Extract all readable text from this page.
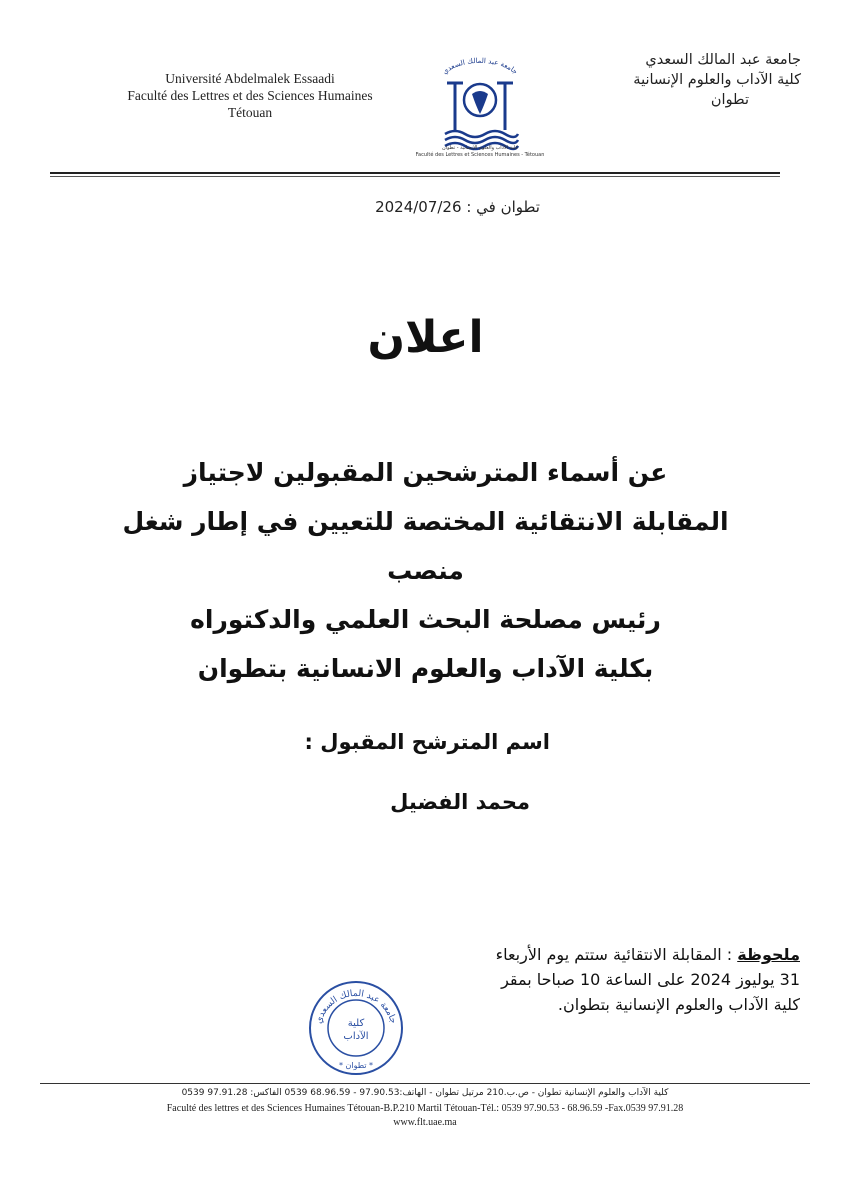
Université Abdelmalek Essaadi
Faculté des Lettres et des Sciences Humaines
Tétouan
جامعة عبد المالك السعدي
كلية الآداب والعلوم الإنسانية - تطوان
Faculté des Lettres et Sciences Humaines - Tétouan
جامعة عبد المالك السعدي
كلية الآداب والعلوم الإنسانية
تطوان
تطوان في : 2024/07/26
اعلان
عن أسماء المترشحين المقبولين لاجتياز
المقابلة الانتقائية المختصة للتعيين في إطار شغل منصب
رئيس مصلحة البحث العلمي والدكتوراه
بكلية الآداب والعلوم الانسانية بتطوان
اسم المترشح المقبول :
محمد الفضيل
ملحوظة : المقابلة الانتقائية ستتم يوم الأربعاء 31 يوليوز 2024 على الساعة 10 صباحا بمقر كلية الآداب والعلوم الإنسانية بتطوان.
جامعة عبد المالك السعدي
كلية
الآداب
* تطوان *
كلية الآداب والعلوم الإنسانية تطوان - ص.ب.210 مرتيل تطوان - الهاتف:97.90.53 - 68.96.59 0539 الفاكس: 97.91.28 0539
Faculté des lettres et des Sciences Humaines Tétouan-B.P.210 Martil Tétouan-Tél.: 0539 97.90.53 - 68.96.59 -Fax.0539 97.91.28
www.flt.uae.ma
